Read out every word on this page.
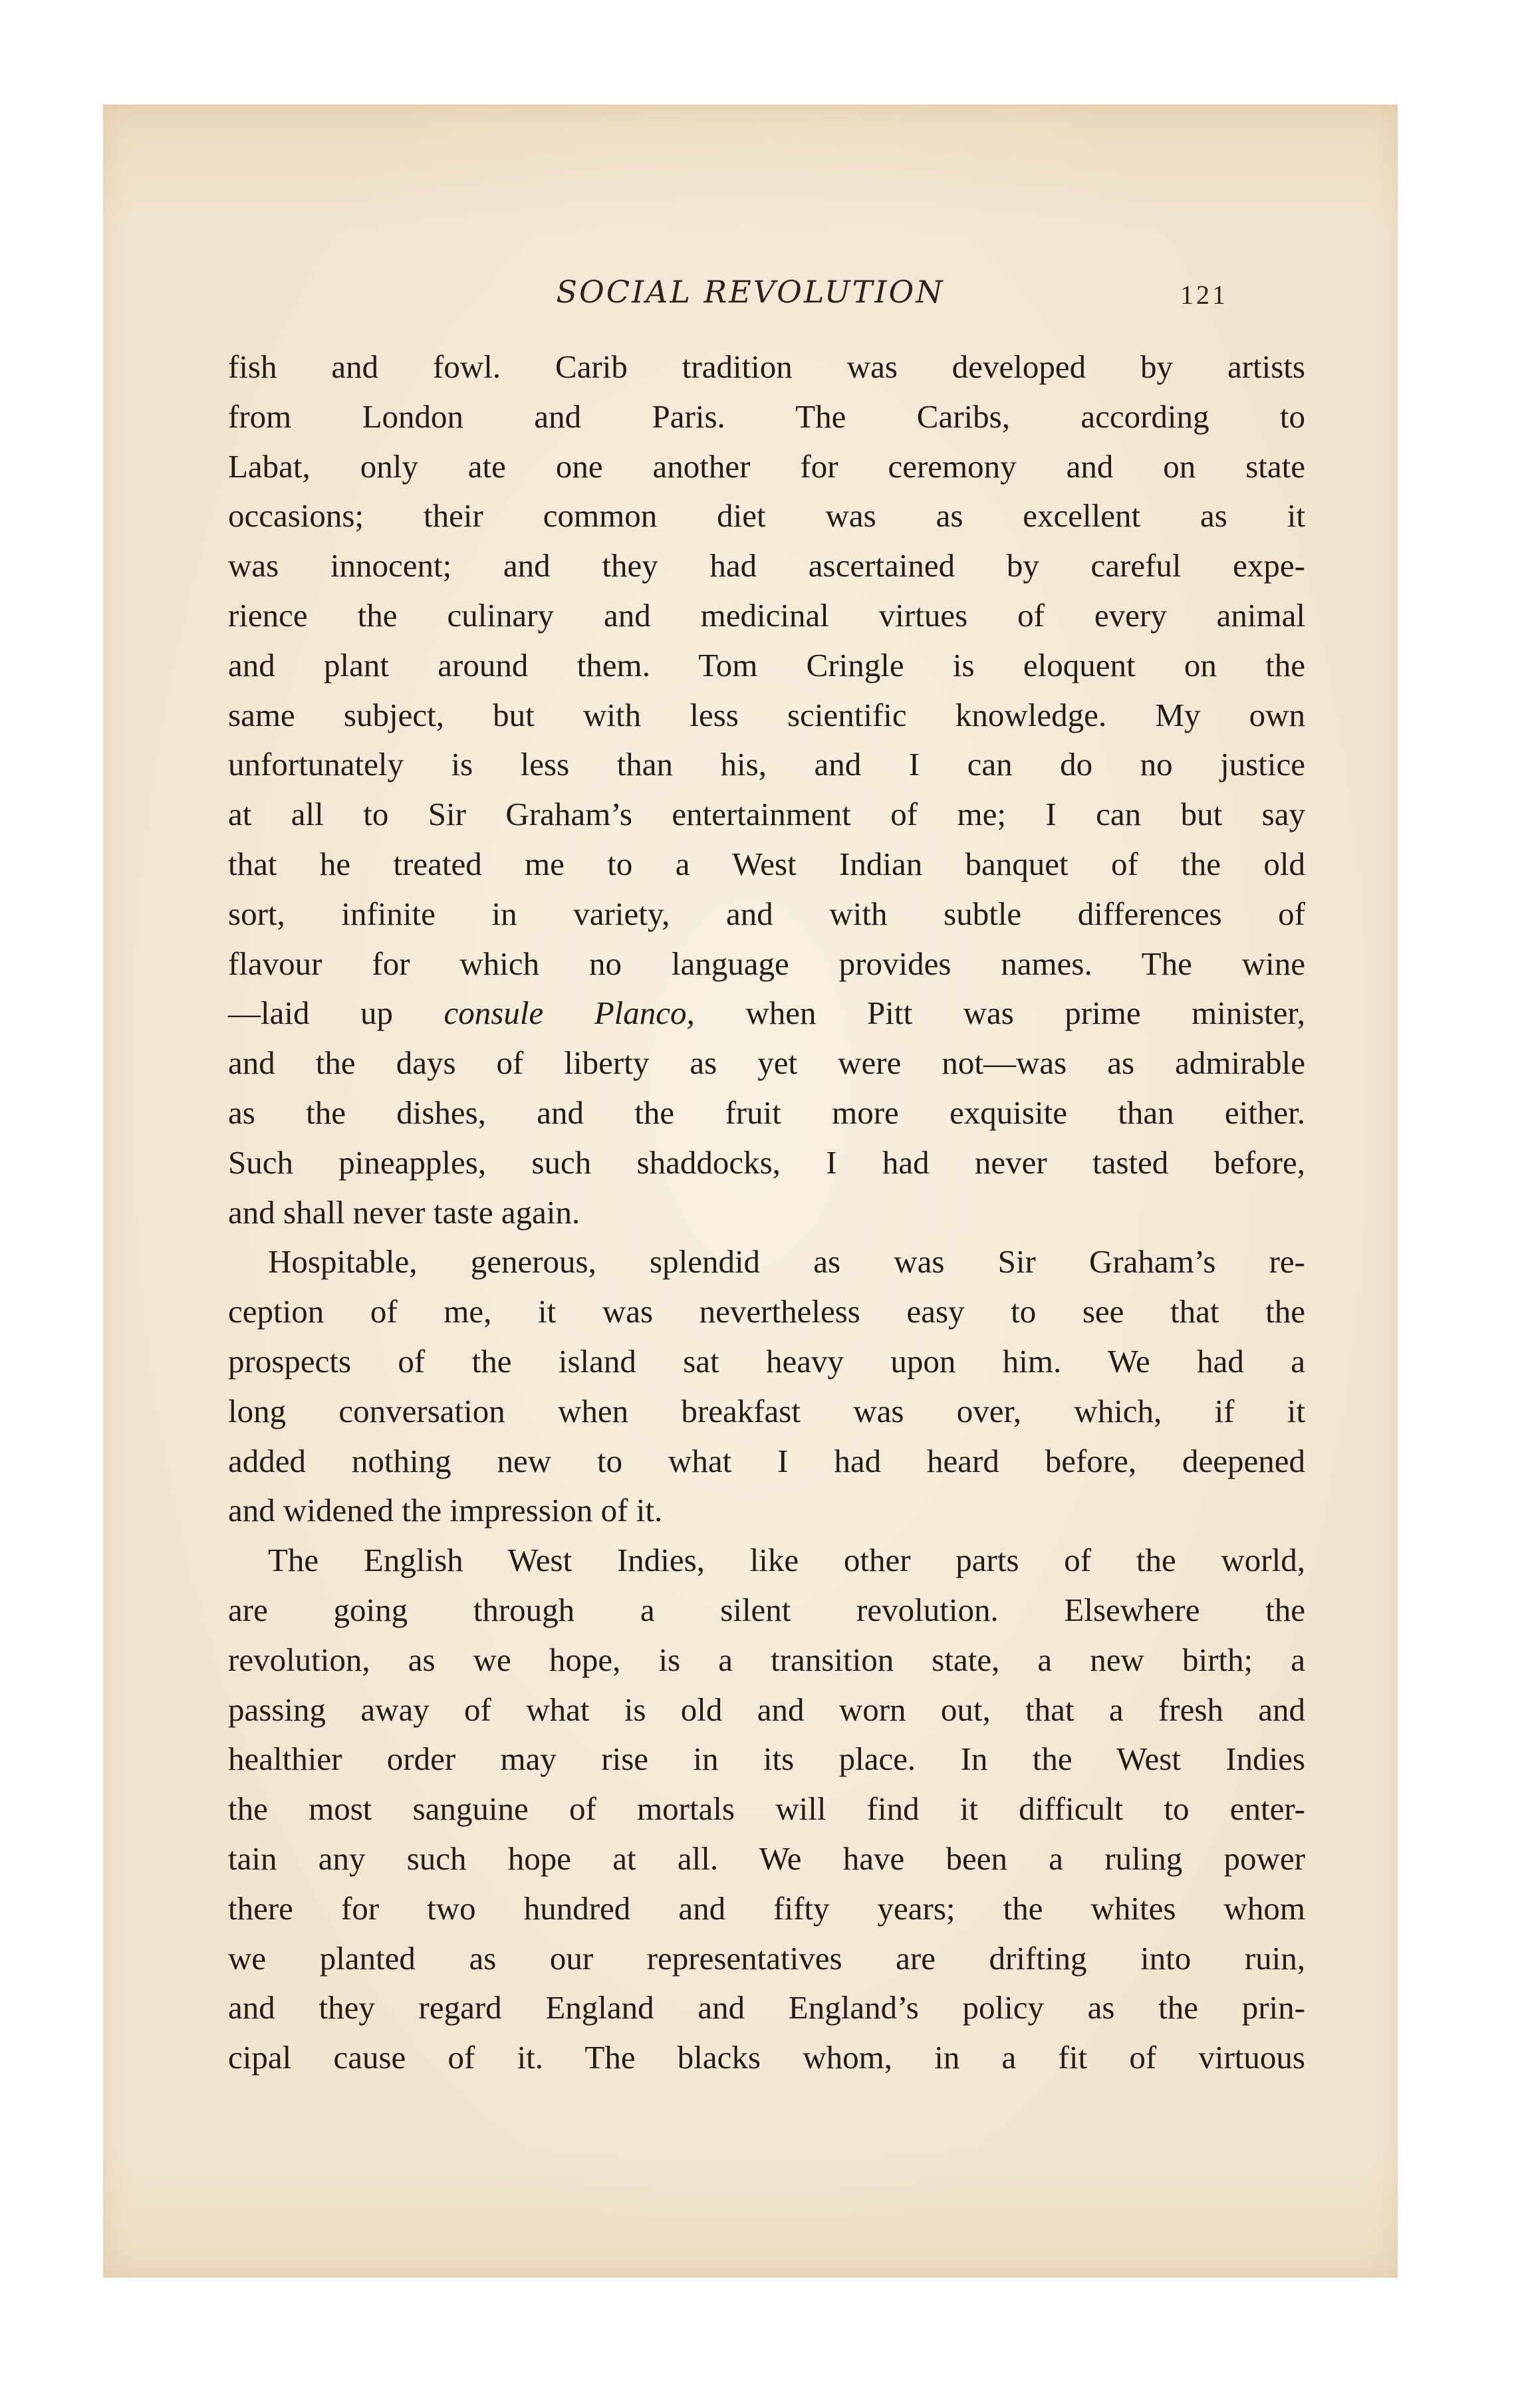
SOCIAL REVOLUTION	121
fish and fowl. Carib tradition was developed by artists
from London and Paris. The Caribs, according to
Labat, only ate one another for ceremony and on state
occasions; their common diet was as excellent as it
was innocent; and they had ascertained by careful expe-
rience the culinary and medicinal virtues of every animal
and plant around them. Tom Cringle is eloquent on the
same subject, but with less scientific knowledge. My own
unfortunately is less than his, and I can do no justice
at all to Sir Graham’s entertainment of me; I can but say
that he treated me to a West Indian banquet of the old
sort, infinite in variety, and with subtle differences of
flavour for which no language provides names. The wine
—laid up consule Planco, when Pitt was prime minister,
and the days of liberty as yet were not—was as admirable
as the dishes, and the fruit more exquisite than either.
Such pineapples, such shaddocks, I had never tasted before,
and shall never taste again.
Hospitable, generous, splendid as was Sir Graham’s re-
ception of me, it was nevertheless easy to see that the
prospects of the island sat heavy upon him. We had a
long conversation when breakfast was over, which, if it
added nothing new to what I had heard before, deepened
and widened the impression of it.
The English West Indies, like other parts of the world,
are going through a silent revolution. Elsewhere the
revolution, as we hope, is a transition state, a new birth; a
passing away of what is old and worn out, that a fresh and
healthier order may rise in its place. In the West Indies
the most sanguine of mortals will find it difficult to enter-
tain any such hope at all. We have been a ruling power
there for two hundred and fifty years; the whites whom
we planted as our representatives are drifting into ruin,
and they regard England and England’s policy as the prin-
cipal cause of it. The blacks whom, in a fit of virtuous
